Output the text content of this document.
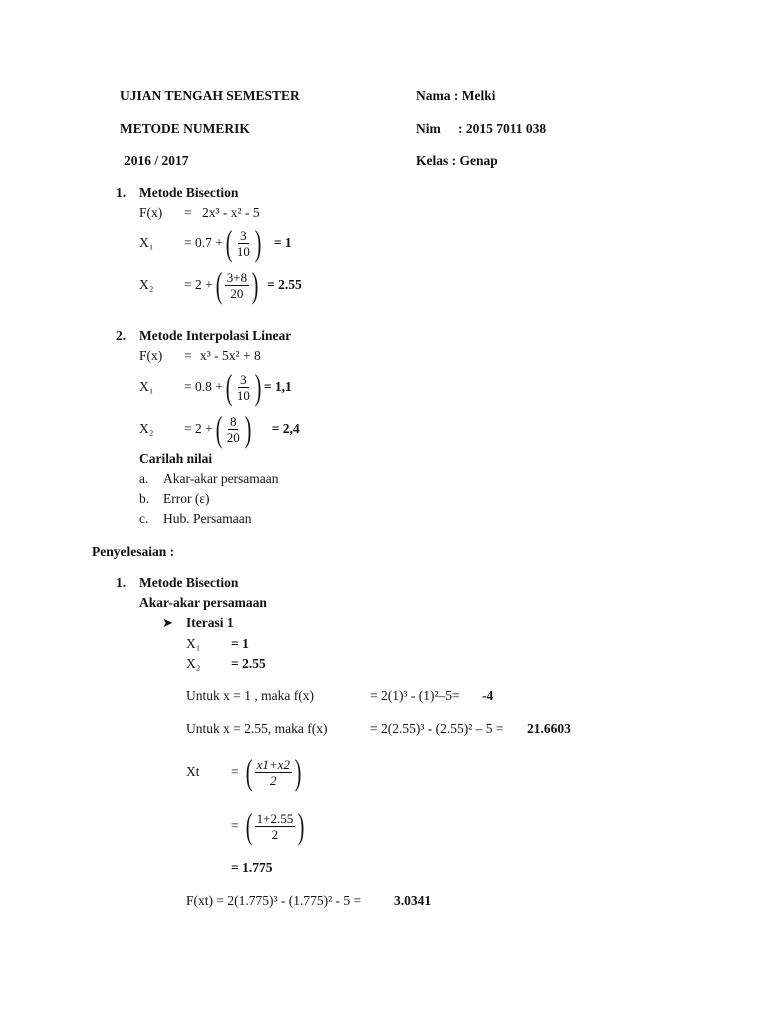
UJIAN TENGAH SEMESTER
METODE NUMERIK
2016 / 2017
Nama : Melki
Nim : 2015 7011 038
Kelas : Genap
1. Metode Bisection
F(x) = 2x³ - x² - 5
X₁ = 0.7 + ( $\frac{3}{10}$ ) = 1
X₂ = 2 + ( $\frac{3+8}{20}$ ) = 2.55
2. Metode Interpolasi Linear
F(x) = x³ - 5x² + 8
X₁ = 0.8 + ( $\frac{3}{10}$ ) = 1,1
X₂ = 2 + ( $\frac{8}{20}$ ) = 2,4
Carilah nilai
a. Akar-akar persamaan
b. Error (ε)
c. Hub. Persamaan
Penyelesaian :
1. Metode Bisection
Akar-akar persamaan
➤ Iterasi 1
X₁ = 1
X₂ = 2.55
Untuk x = 1 , maka f(x)	= 2(1)³ - (1)²–5= -4
Untuk x = 2.55, maka f(x)	= 2(2.55)³ - (2.55)² – 5 = 21.6603
Xt = ( $\frac{x1+x2}{2}$ )
= ( $\frac{1+2.55}{2}$ )
= 1.775
F(xt) = 2(1.775)³ - (1.775)² - 5 = 3.0341
